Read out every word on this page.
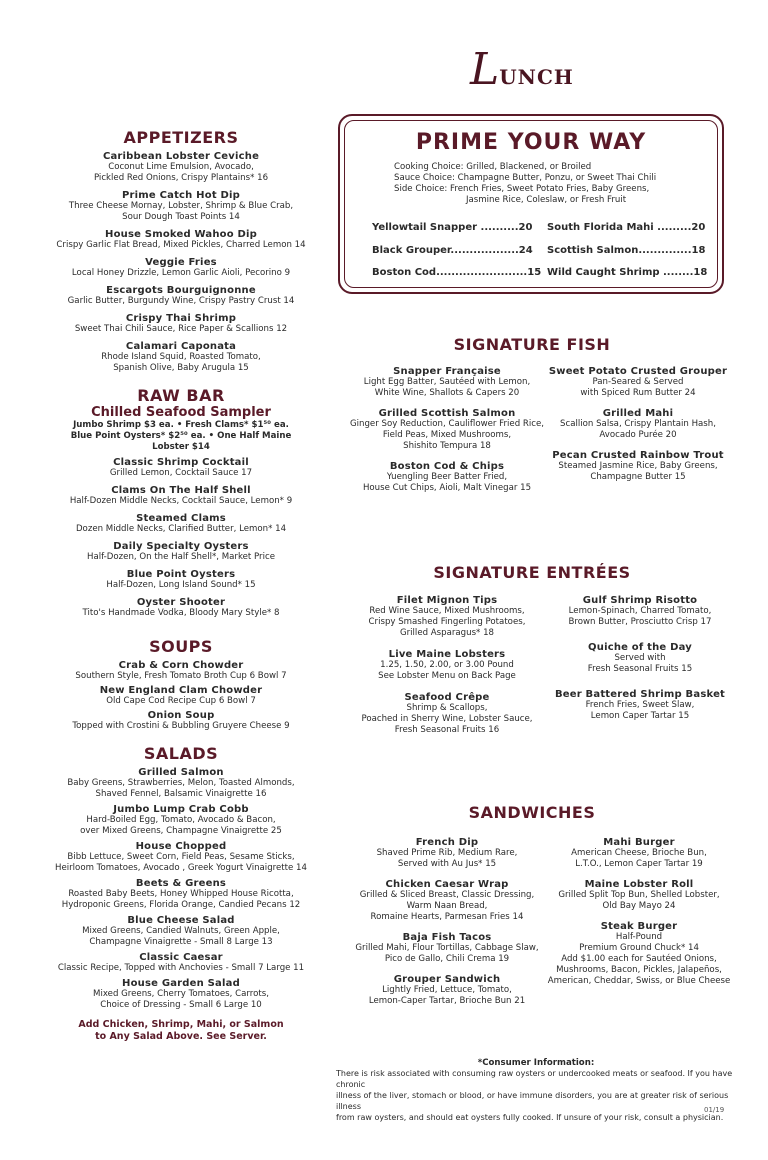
LUNCH
APPETIZERS
Caribbean Lobster Ceviche
Coconut Lime Emulsion, Avocado,
Pickled Red Onions, Crispy Plantains* 16
Prime Catch Hot Dip
Three Cheese Mornay, Lobster, Shrimp & Blue Crab,
Sour Dough Toast Points 14
House Smoked Wahoo Dip
Crispy Garlic Flat Bread, Mixed Pickles, Charred Lemon 14
Veggie Fries
Local Honey Drizzle, Lemon Garlic Aioli, Pecorino 9
Escargots Bourguignonne
Garlic Butter, Burgundy Wine, Crispy Pastry Crust 14
Crispy Thai Shrimp
Sweet Thai Chili Sauce, Rice Paper & Scallions 12
Calamari Caponata
Rhode Island Squid, Roasted Tomato,
Spanish Olive, Baby Arugula 15
RAW BAR
Chilled Seafood Sampler
Jumbo Shrimp $3 ea. • Fresh Clams* $1⁵⁰ ea.
Blue Point Oysters* $2⁵⁰ ea. • One Half Maine Lobster $14
Classic Shrimp Cocktail
Grilled Lemon, Cocktail Sauce 17
Clams On The Half Shell
Half-Dozen Middle Necks, Cocktail Sauce, Lemon* 9
Steamed Clams
Dozen Middle Necks, Clarified Butter, Lemon* 14
Daily Specialty Oysters
Half-Dozen, On the Half Shell*, Market Price
Blue Point Oysters
Half-Dozen, Long Island Sound* 15
Oyster Shooter
Tito's Handmade Vodka, Bloody Mary Style* 8
SOUPS
Crab & Corn Chowder
Southern Style, Fresh Tomato Broth Cup 6 Bowl 7
New England Clam Chowder
Old Cape Cod Recipe Cup 6 Bowl 7
Onion Soup
Topped with Crostini & Bubbling Gruyere Cheese 9
SALADS
Grilled Salmon
Baby Greens, Strawberries, Melon, Toasted Almonds,
Shaved Fennel, Balsamic Vinaigrette 16
Jumbo Lump Crab Cobb
Hard-Boiled Egg, Tomato, Avocado & Bacon,
over Mixed Greens, Champagne Vinaigrette 25
House Chopped
Bibb Lettuce, Sweet Corn, Field Peas, Sesame Sticks,
Heirloom Tomatoes, Avocado , Greek Yogurt Vinaigrette 14
Beets & Greens
Roasted Baby Beets, Honey Whipped House Ricotta,
Hydroponic Greens, Florida Orange, Candied Pecans 12
Blue Cheese Salad
Mixed Greens, Candied Walnuts, Green Apple,
Champagne Vinaigrette - Small 8 Large 13
Classic Caesar
Classic Recipe, Topped with Anchovies - Small 7 Large 11
House Garden Salad
Mixed Greens, Cherry Tomatoes, Carrots,
Choice of Dressing - Small 6 Large 10
Add Chicken, Shrimp, Mahi, or Salmon
to Any Salad Above. See Server.
PRIME YOUR WAY
Cooking Choice: Grilled, Blackened, or Broiled
Sauce Choice: Champagne Butter, Ponzu, or Sweet Thai Chili
Side Choice: French Fries, Sweet Potato Fries, Baby Greens,
Jasmine Rice, Coleslaw, or Fresh Fruit
Yellowtail Snapper ..........20 South Florida Mahi .........20
Black Grouper..................24 Scottish Salmon..............18
Boston Cod........................15 Wild Caught Shrimp ........18
SIGNATURE FISH
Snapper Française
Light Egg Batter, Sautéed with Lemon,
White Wine, Shallots & Capers 20
Grilled Scottish Salmon
Ginger Soy Reduction, Cauliflower Fried Rice,
Field Peas, Mixed Mushrooms,
Shishito Tempura 18
Boston Cod & Chips
Yuengling Beer Batter Fried,
House Cut Chips, Aioli, Malt Vinegar 15
Sweet Potato Crusted Grouper
Pan-Seared & Served
with Spiced Rum Butter 24
Grilled Mahi
Scallion Salsa, Crispy Plantain Hash,
Avocado Purée 20
Pecan Crusted Rainbow Trout
Steamed Jasmine Rice, Baby Greens,
Champagne Butter 15
SIGNATURE ENTRÉES
Filet Mignon Tips
Red Wine Sauce, Mixed Mushrooms,
Crispy Smashed Fingerling Potatoes,
Grilled Asparagus* 18
Live Maine Lobsters
1.25, 1.50, 2.00, or 3.00 Pound
See Lobster Menu on Back Page
Seafood Crêpe
Shrimp & Scallops,
Poached in Sherry Wine, Lobster Sauce,
Fresh Seasonal Fruits 16
Gulf Shrimp Risotto
Lemon-Spinach, Charred Tomato,
Brown Butter, Prosciutto Crisp 17
Quiche of the Day
Served with
Fresh Seasonal Fruits 15
Beer Battered Shrimp Basket
French Fries, Sweet Slaw,
Lemon Caper Tartar 15
SANDWICHES
French Dip
Shaved Prime Rib, Medium Rare,
Served with Au Jus* 15
Chicken Caesar Wrap
Grilled & Sliced Breast, Classic Dressing,
Warm Naan Bread,
Romaine Hearts, Parmesan Fries 14
Baja Fish Tacos
Grilled Mahi, Flour Tortillas, Cabbage Slaw,
Pico de Gallo, Chili Crema 19
Grouper Sandwich
Lightly Fried, Lettuce, Tomato,
Lemon-Caper Tartar, Brioche Bun 21
Mahi Burger
American Cheese, Brioche Bun,
L.T.O., Lemon Caper Tartar 19
Maine Lobster Roll
Grilled Split Top Bun, Shelled Lobster,
Old Bay Mayo 24
Steak Burger
Half-Pound
Premium Ground Chuck* 14
Add $1.00 each for Sautéed Onions,
Mushrooms, Bacon, Pickles, Jalapeños,
American, Cheddar, Swiss, or Blue Cheese
*Consumer Information:
There is risk associated with consuming raw oysters or undercooked meats or seafood. If you have chronic
illness of the liver, stomach or blood, or have immune disorders, you are at greater risk of serious illness
from raw oysters, and should eat oysters fully cooked. If unsure of your risk, consult a physician.
01/19
